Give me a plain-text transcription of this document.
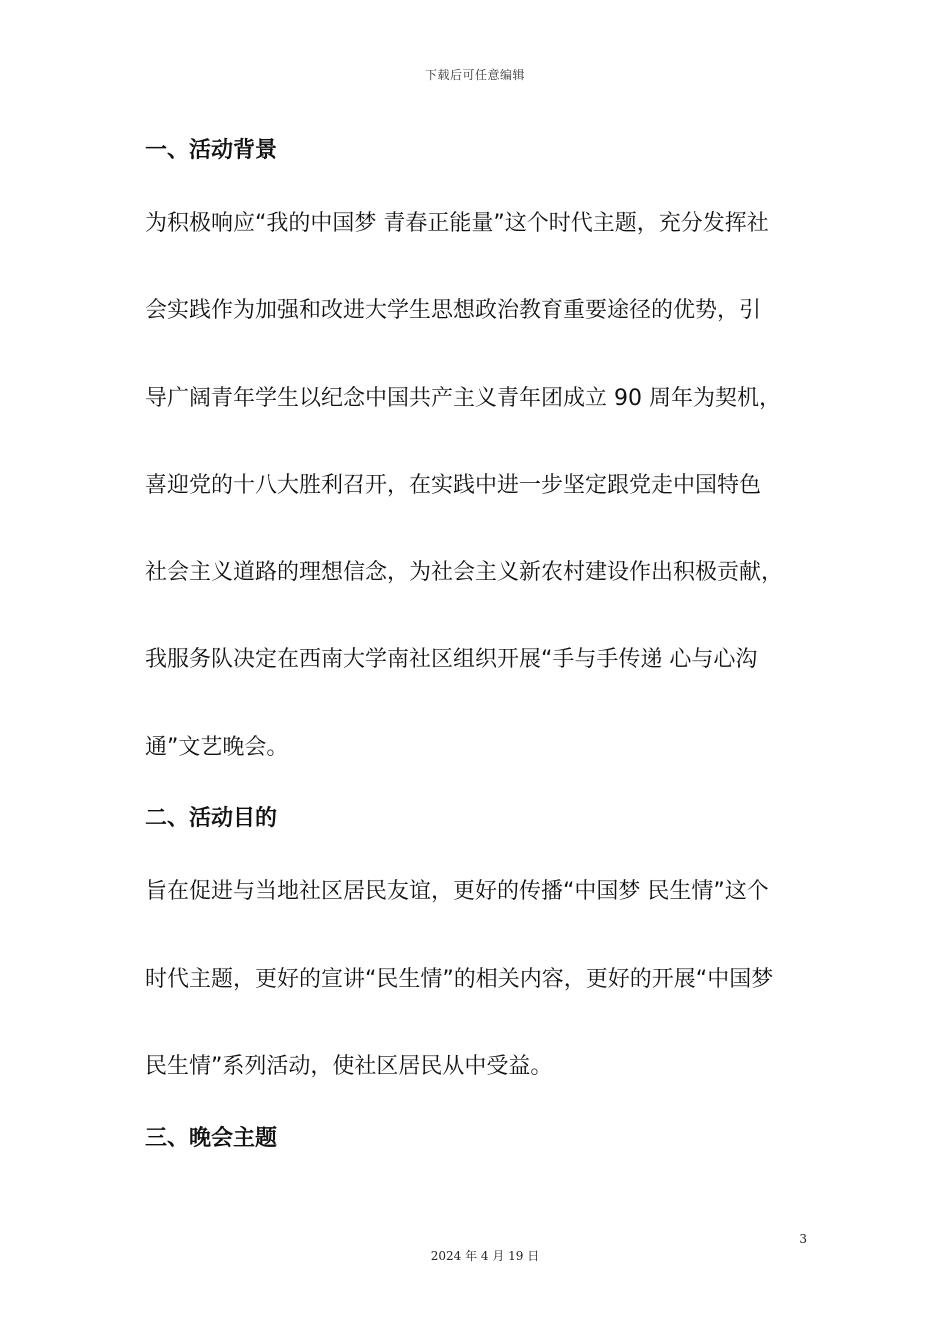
下载后可任意编辑
一、活动背景
为积极响应“我的中国梦 青春正能量”这个时代主题，充分发挥社
会实践作为加强和改进大学生思想政治教育重要途径的优势，引
导广阔青年学生以纪念中国共产主义青年团成立 90 周年为契机，
喜迎党的十八大胜利召开，在实践中进一步坚定跟党走中国特色
社会主义道路的理想信念，为社会主义新农村建设作出积极贡献，
我服务队决定在西南大学南社区组织开展“手与手传递 心与心沟
通”文艺晚会。
二、活动目的
旨在促进与当地社区居民友谊，更好的传播“中国梦 民生情”这个
时代主题，更好的宣讲“民生情”的相关内容，更好的开展“中国梦
民生情”系列活动，使社区居民从中受益。
三、晚会主题
3
2024 年 4 月 19 日
